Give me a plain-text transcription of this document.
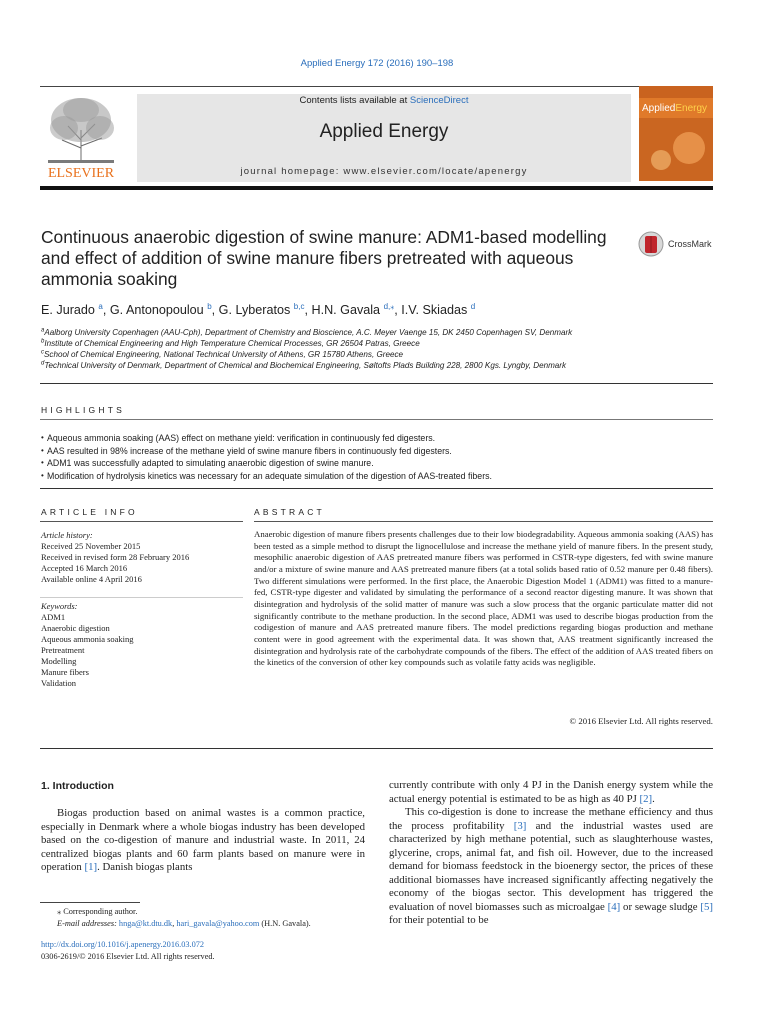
Applied Energy 172 (2016) 190–198
ELSEVIER
Contents lists available at ScienceDirect
Applied Energy
journal homepage: www.elsevier.com/locate/apenergy
AppliedEnergy
Continuous anaerobic digestion of swine manure: ADM1-based modelling and effect of addition of swine manure fibers pretreated with aqueous ammonia soaking
CrossMark
E. Jurado $^a$, G. Antonopoulou $^b$, G. Lyberatos $^{b,c}$, H.N. Gavala $^{d,⁎}$, I.V. Skiadas $^d$
$^a$Aalborg University Copenhagen (AAU-Cph), Department of Chemistry and Bioscience, A.C. Meyer Vaenge 15, DK 2450 Copenhagen SV, Denmark
$^b$Institute of Chemical Engineering and High Temperature Chemical Processes, GR 26504 Patras, Greece
$^c$School of Chemical Engineering, National Technical University of Athens, GR 15780 Athens, Greece
$^d$Technical University of Denmark, Department of Chemical and Biochemical Engineering, Søltofts Plads Building 228, 2800 Kgs. Lyngby, Denmark
HIGHLIGHTS
• Aqueous ammonia soaking (AAS) effect on methane yield: verification in continuously fed digesters.
• AAS resulted in 98% increase of the methane yield of swine manure fibers in continuously fed digesters.
• ADM1 was successfully adapted to simulating anaerobic digestion of swine manure.
• Modification of hydrolysis kinetics was necessary for an adequate simulation of the digestion of AAS-treated fibers.
ARTICLE INFO	ABSTRACT
Article history:
Received 25 November 2015
Received in revised form 28 February 2016
Accepted 16 March 2016
Available online 4 April 2016
Keywords:
ADM1
Anaerobic digestion
Aqueous ammonia soaking
Pretreatment
Modelling
Manure fibers
Validation
Anaerobic digestion of manure fibers presents challenges due to their low biodegradability. Aqueous ammonia soaking (AAS) has been tested as a simple method to disrupt the lignocellulose and increase the methane yield of manure fibers. In the present study, mesophilic anaerobic digestion of AAS pretreated manure fibers was performed in CSTR-type digesters, fed with swine manure and/or a mixture of swine manure and AAS pretreated manure fibers (at a total solids based ratio of 0.52 manure per 0.48 fibers). Two different simulations were performed. In the first place, the Anaerobic Digestion Model 1 (ADM1) was fitted to a manure-fed, CSTR-type digester and validated by simulating the performance of a second reactor digesting manure. It was shown that disintegration and hydrolysis of the solid matter of manure was such a slow process that the organic particulate matter did not significantly contribute to the methane production. In the second place, ADM1 was used to describe biogas production from the codigestion of manure and AAS pretreated manure fibers. The model predictions regarding biogas production and methane content were in good agreement with the experimental data. It was shown that, AAS treatment significantly increased the disintegration and hydrolysis rate of the carbohydrate compounds of the fibers. The effect of the addition of AAS treated fibers on the kinetics of the conversion of other key compounds such as volatile fatty acids was negligible.
© 2016 Elsevier Ltd. All rights reserved.
1. Introduction
Biogas production based on animal wastes is a common practice, especially in Denmark where a whole biogas industry has been developed based on the co-digestion of manure and industrial waste. In 2011, 24 centralized biogas plants and 60 farm plants based on manure were in operation [1]. Danish biogas plants
currently contribute with only 4 PJ in the Danish energy system while the actual energy potential is estimated to be as high as 40 PJ [2].
This co-digestion is done to increase the methane efficiency and thus the process profitability [3] and the industrial wastes used are characterized by high methane potential, such as slaughterhouse wastes, glycerine, crops, animal fat, and fish oil. However, due to the increased demand for biomass feedstock in the bioenergy sector, the prices of these additional biomasses have increased significantly affecting negatively the economy of the biogas sector. This development has triggered the evaluation of novel biomasses such as microalgae [4] or sewage sludge [5] for their potential to be
⁎ Corresponding author.
E-mail addresses: hnga@kt.dtu.dk, hari_gavala@yahoo.com (H.N. Gavala).
http://dx.doi.org/10.1016/j.apenergy.2016.03.072
0306-2619/© 2016 Elsevier Ltd. All rights reserved.
